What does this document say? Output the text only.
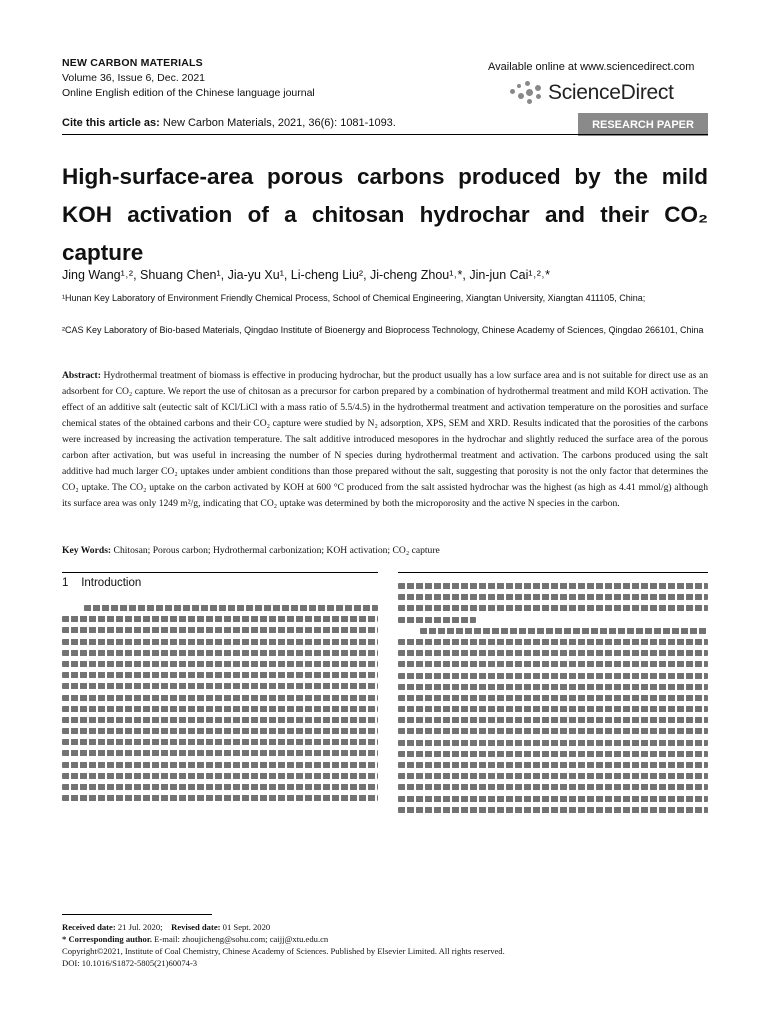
NEW CARBON MATERIALS
Volume 36, Issue 6, Dec. 2021
Online English edition of the Chinese language journal
Available online at www.sciencedirect.com
ScienceDirect
Cite this article as: New Carbon Materials, 2021, 36(6): 1081-1093.	RESEARCH PAPER
High-surface-area porous carbons produced by the mild KOH activation of a chitosan hydrochar and their CO₂ capture
Jing Wang¹˒², Shuang Chen¹, Jia-yu Xu¹, Li-cheng Liu², Ji-cheng Zhou¹˒*, Jin-jun Cai¹˒²˒*
¹Hunan Key Laboratory of Environment Friendly Chemical Process, School of Chemical Engineering, Xiangtan University, Xiangtan 411105, China;
²CAS Key Laboratory of Bio-based Materials, Qingdao Institute of Bioenergy and Bioprocess Technology, Chinese Academy of Sciences, Qingdao 266101, China
Abstract: Hydrothermal treatment of biomass is effective in producing hydrochar, but the product usually has a low surface area and is not suitable for direct use as an adsorbent for CO₂ capture. We report the use of chitosan as a precursor for carbon prepared by a combination of hydrothermal treatment and mild KOH activation. The effect of an additive salt (eutectic salt of KCl/LiCl with a mass ratio of 5.5/4.5) in the hydrothermal treatment and activation temperature on the porosities and surface chemical states of the obtained carbons and their CO₂ capture were studied by N₂ adsorption, XPS, SEM and XRD. Results indicated that the porosities of the carbons were increased by increasing the activation temperature. The salt additive introduced mesopores in the hydrochar and slightly reduced the surface area of the porous carbon after activation, but was useful in increasing the number of N species during hydrothermal treatment and activation. The carbons produced using the salt additive had much larger CO₂ uptakes under ambient conditions than those prepared without the salt, suggesting that porosity is not the only factor that determines the CO₂ uptake. The CO₂ uptake on the carbon activated by KOH at 600 °C produced from the salt assisted hydrochar was the highest (as high as 4.41 mmol/g) although its surface area was only 1249 m²/g, indicating that CO₂ uptake was determined by both the microporosity and the active N species in the carbon.
Key Words: Chitosan; Porous carbon; Hydrothermal carbonization; KOH activation; CO₂ capture
1 Introduction
Received date: 21 Jul. 2020; Revised date: 01 Sept. 2020
* Corresponding author. E-mail: zhoujicheng@sohu.com; caijj@xtu.edu.cn
Copyright©2021, Institute of Coal Chemistry, Chinese Academy of Sciences. Published by Elsevier Limited. All rights reserved.
DOI: 10.1016/S1872-5805(21)60074-3
